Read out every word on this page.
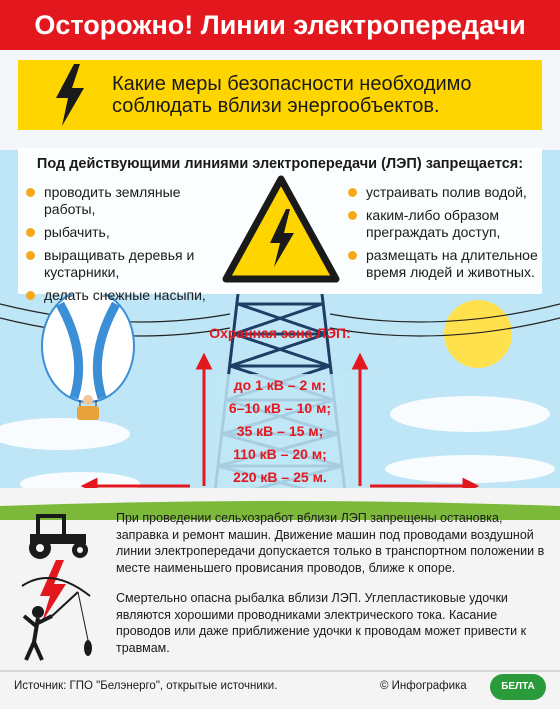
Осторожно! Линии электропередачи
Какие меры безопасности необходимо соблюдать вблизи энергообъектов.
Под действующими линиями электропередачи (ЛЭП) запрещается:
проводить земляные работы,
рыбачить,
выращивать деревья и кустарники,
делать снежные насыпи,
устраивать полив водой,
каким-либо образом преграждать доступ,
размещать на длительное время людей и животных.
Охранная зона ЛЭП:
до 1 кВ – 2 м;
6–10 кВ – 10 м;
35 кВ – 15 м;
110 кВ – 20 м;
220 кВ – 25 м.

При проведении сельхозработ вблизи ЛЭП запрещены остановка, заправка и ремонт машин. Движение машин под проводами воздушной линии электропередачи допускается только в транспортном положении в месте наименьшего провисания проводов, ближе к опоре.

Смертельно опасна рыбалка вблизи ЛЭП. Углепластиковые удочки являются хорошими проводниками электрического тока. Касание проводов или даже приближение удочки к проводам может привести к травмам.

Источник: ГПО "Белэнерго", открытые источники.	© Инфографика	БЕЛТА
